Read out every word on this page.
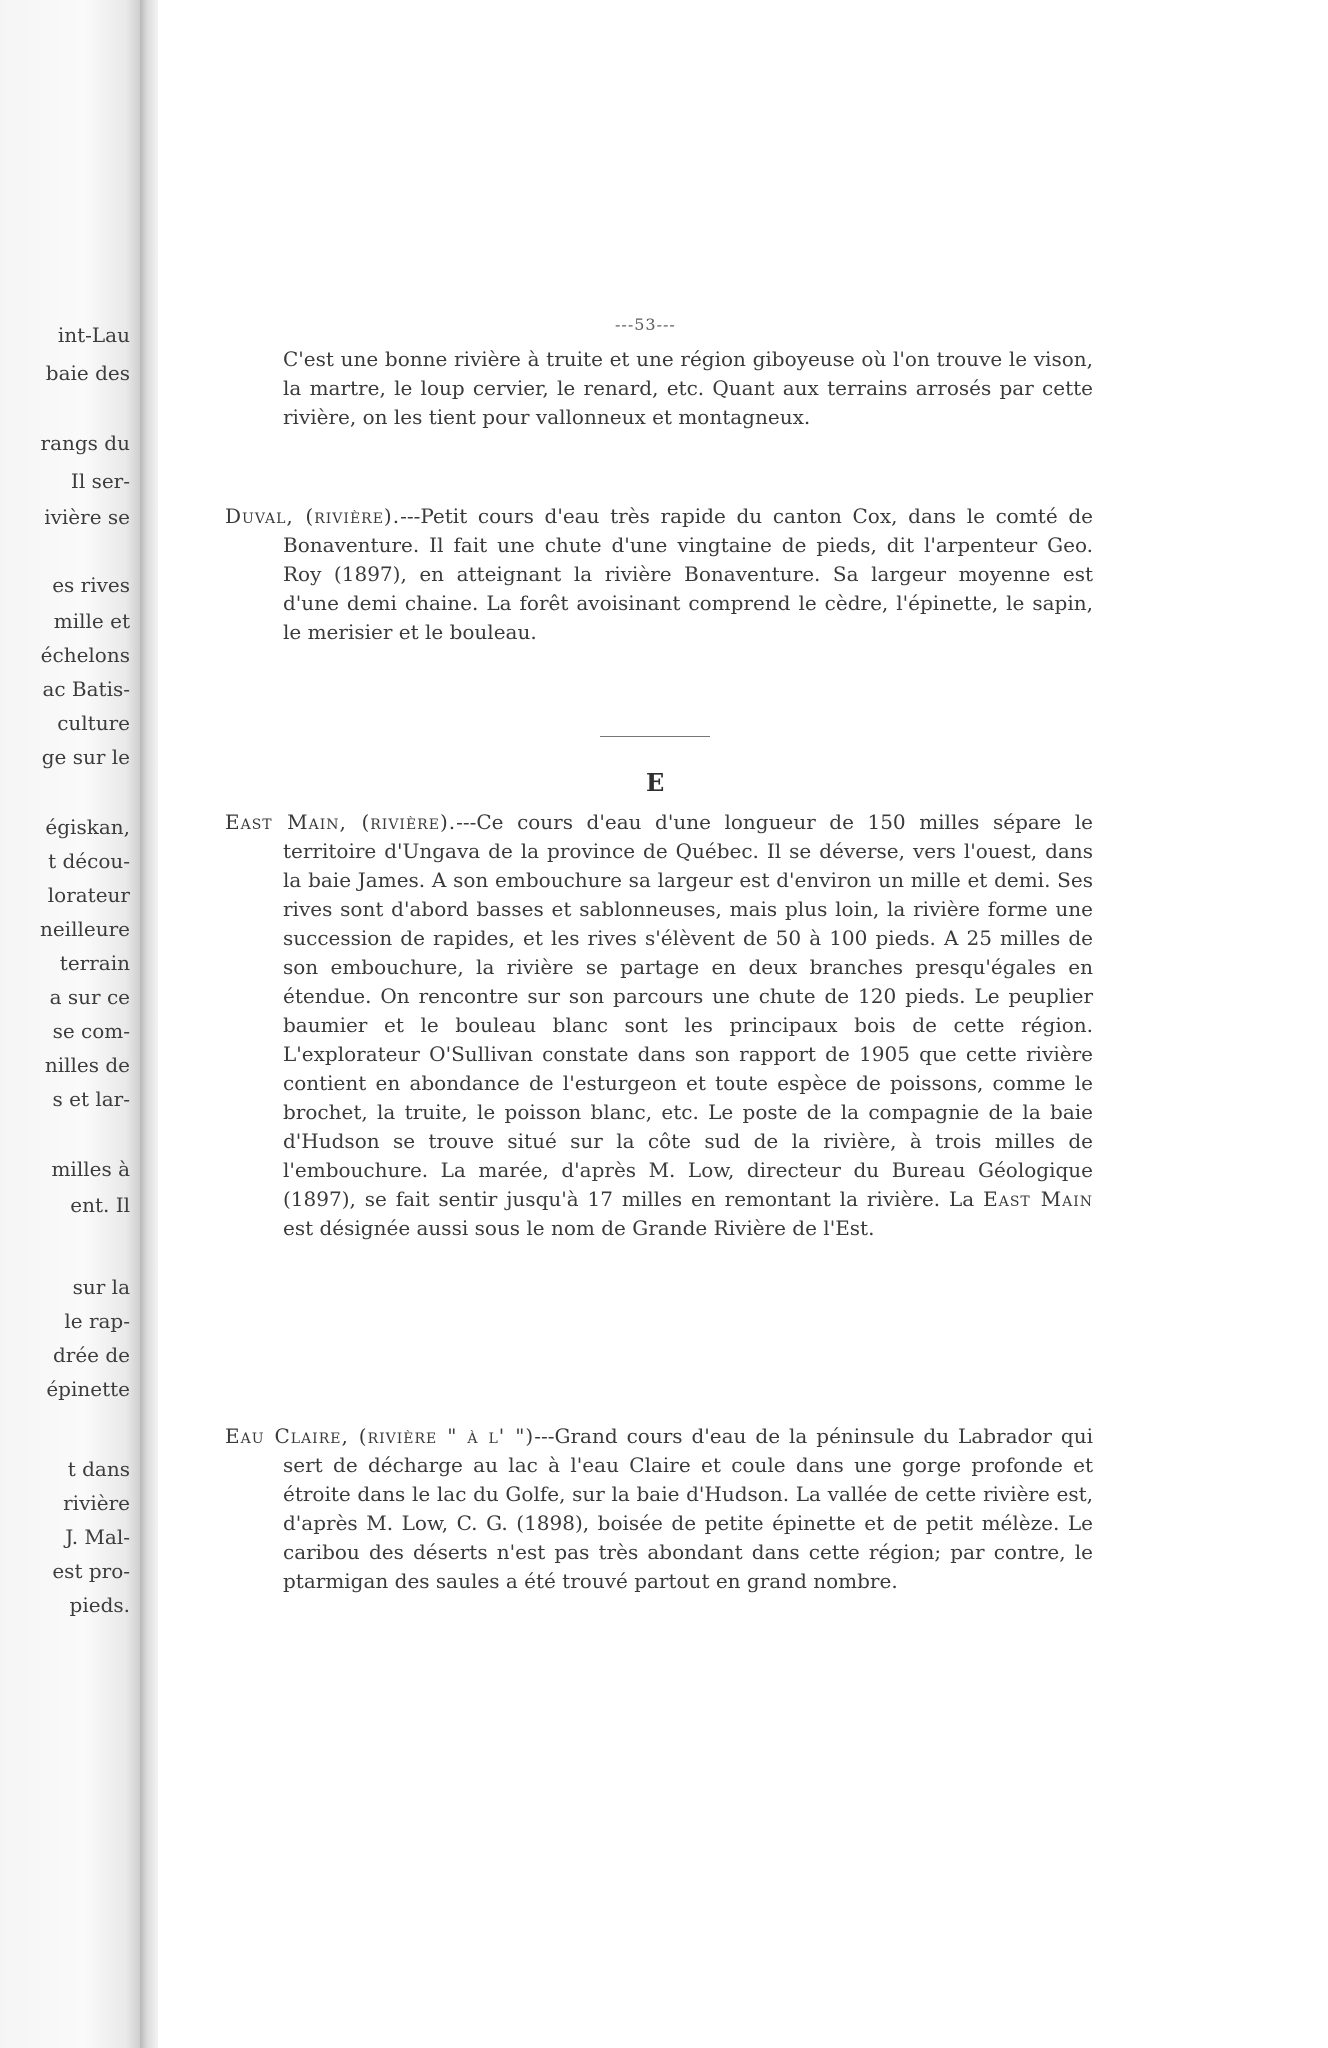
int-Lau
baie des
rangs du
Il ser-
ivière se
es rives
mille et
échelons
ac Batis-
culture
ge sur le
égiskan,
t décou-
lorateur
neilleure
terrain
a sur ce
se com-
nilles de
s et lar-
milles à
ent. Il
sur la
le rap-
drée de
épinette
t dans
rivière
J. Mal-
est pro-
pieds.
---53---

C'est une bonne rivière à truite et une région giboyeuse où l'on trouve le vison, la martre, le loup cervier, le renard, etc. Quant aux terrains arrosés par cette rivière, on les tient pour vallonneux et montagneux.

Duval, (rivière).---Petit cours d'eau très rapide du canton Cox, dans le comté de Bonaventure. Il fait une chute d'une vingtaine de pieds, dit l'arpenteur Geo. Roy (1897), en atteignant la rivière Bonaventure. Sa largeur moyenne est d'une demi chaine. La forêt avoisinant comprend le cèdre, l'épinette, le sapin, le merisier et le bouleau.

E

East Main, (rivière).---Ce cours d'eau d'une longueur de 150 milles sépare le territoire d'Ungava de la province de Québec. Il se déverse, vers l'ouest, dans la baie James. A son embouchure sa largeur est d'environ un mille et demi. Ses rives sont d'abord basses et sablonneuses, mais plus loin, la rivière forme une succession de rapides, et les rives s'élèvent de 50 à 100 pieds. A 25 milles de son embouchure, la rivière se partage en deux branches presqu'égales en étendue. On rencontre sur son parcours une chute de 120 pieds. Le peuplier baumier et le bouleau blanc sont les principaux bois de cette région. L'explorateur O'Sullivan constate dans son rapport de 1905 que cette rivière contient en abondance de l'esturgeon et toute espèce de poissons, comme le brochet, la truite, le poisson blanc, etc. Le poste de la compagnie de la baie d'Hudson se trouve situé sur la côte sud de la rivière, à trois milles de l'embouchure. La marée, d'après M. Low, directeur du Bureau Géologique (1897), se fait sentir jusqu'à 17 milles en remontant la rivière. La East Main est désignée aussi sous le nom de Grande Rivière de l'Est.

Eau Claire, (rivière " à l' ")---Grand cours d'eau de la péninsule du Labrador qui sert de décharge au lac à l'eau Claire et coule dans une gorge profonde et étroite dans le lac du Golfe, sur la baie d'Hudson. La vallée de cette rivière est, d'après M. Low, C. G. (1898), boisée de petite épinette et de petit mélèze. Le caribou des déserts n'est pas très abondant dans cette région; par contre, le ptarmigan des saules a été trouvé partout en grand nombre.
